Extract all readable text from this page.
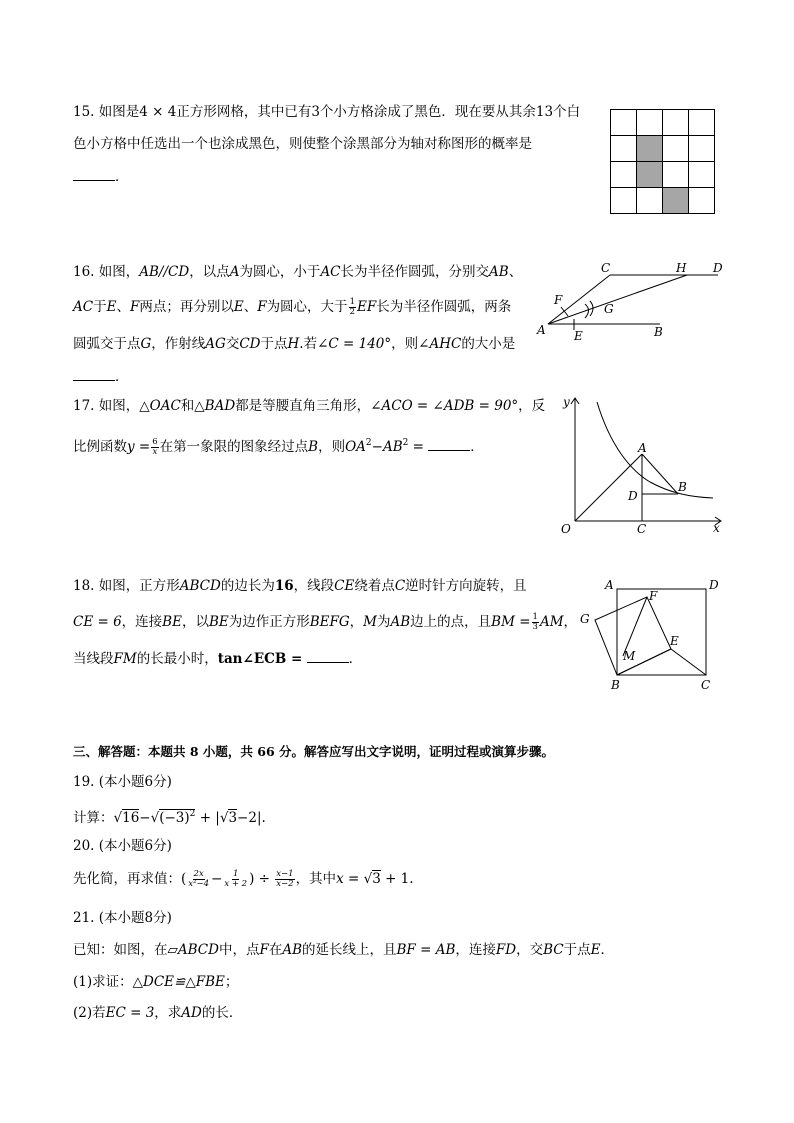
15. 如图是4 × 4正方形网格，其中已有3个小方格涂成了黑色．现在要从其余13个白
色小方格中任选出一个也涂成黑色，则使整个涂黑部分为轴对称图形的概率是
．
16. 如图，AB//CD，以点A为圆心，小于AC长为半径作圆弧，分别交AB、
AC于E、F两点；再分别以E、F为圆心，大于 $\frac{1}{2}$ EF长为半径作圆弧，两条
圆弧交于点G，作射线AG交CD于点H.若∠C = 140°，则∠AHC的大小是
．
C	H D
F
G
A E	B
17. 如图，△OAC和△BAD都是等腰直角三角形，∠ACO = ∠ADB = 90°，反
比例函数$y = \frac{6}{x}$ 在第一象限的图象经过点B，则$OA^2-AB^2$ =	．
y
x
A
B
D
O	C
18. 如图，正方形ABCD的边长为16，线段CE绕着点C逆时针方向旋转，且
CE = 6，连接BE，以BE为边作正方形BEFG，M为AB边上的点，且BM = $\frac{1}{3}$ AM，
当线段FM的长最小时，tan∠ECB =	．
A	D
F
G
E
M
B	C
三、解答题：本题共 8 小题，共 66 分。解答应写出文字说明，证明过程或演算步骤。
19. (本小题6分)
计算：$√16-√(-3)^2 + |√3-2|$.
20. (本小题6分)
先化简，再求值：( $\frac{2x}{\text{x²−4}} - \frac{1}{x + 2}$ ) ÷ $\frac{x-1}{x-2}$ ，其中x = √3 + 1.
21. (本小题8分)
已知：如图，在▱ABCD中，点F在AB的延长线上，且BF = AB，连接FD，交BC于点E．
(1)求证：△DCE≌△FBE；
(2)若EC = 3，求AD的长．
